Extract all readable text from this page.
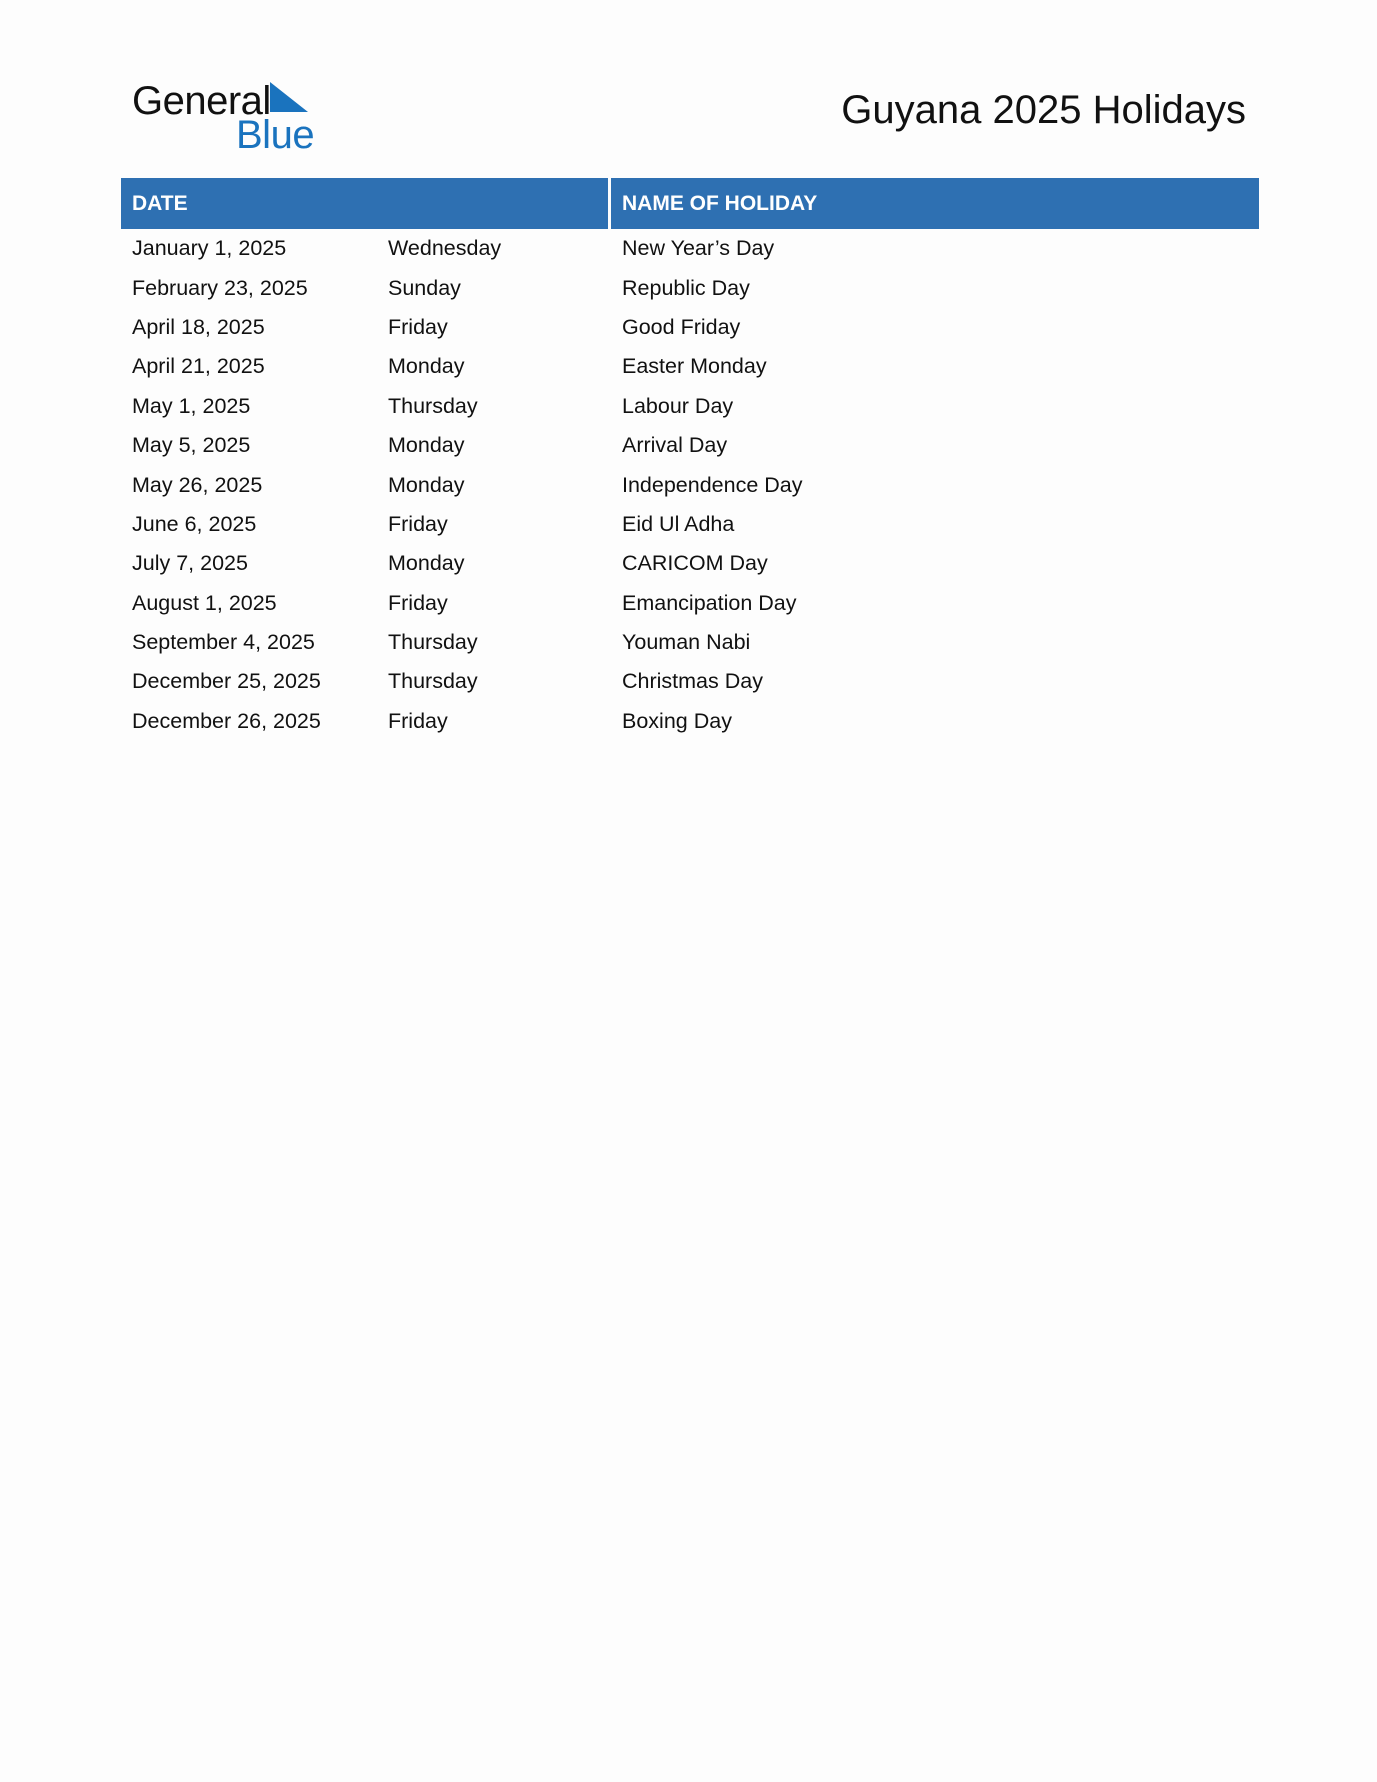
General
Blue
Guyana 2025 Holidays
DATE	NAME OF HOLIDAY
January 1, 2025	Wednesday	New Year’s Day
February 23, 2025	Sunday	Republic Day
April 18, 2025	Friday	Good Friday
April 21, 2025	Monday	Easter Monday
May 1, 2025	Thursday	Labour Day
May 5, 2025	Monday	Arrival Day
May 26, 2025	Monday	Independence Day
June 6, 2025	Friday	Eid Ul Adha
July 7, 2025	Monday	CARICOM Day
August 1, 2025	Friday	Emancipation Day
September 4, 2025	Thursday	Youman Nabi
December 25, 2025	Thursday	Christmas Day
December 26, 2025	Friday	Boxing Day
